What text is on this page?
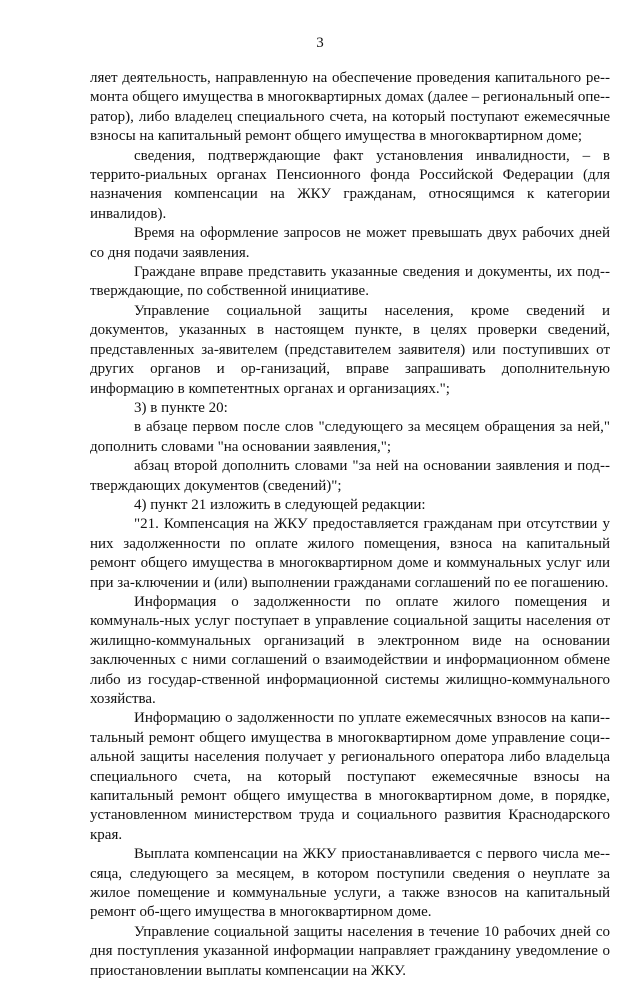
3

ляет деятельность, направленную на обеспечение проведения капитального ре-монта общего имущества в многоквартирных домах (далее – региональный опе-ратор), либо владелец специального счета, на который поступают ежемесячные взносы на капитальный ремонт общего имущества в многоквартирном доме;

сведения, подтверждающие факт установления инвалидности, – в террито-риальных органах Пенсионного фонда Российской Федерации (для назначения компенсации на ЖКУ гражданам, относящимся к категории инвалидов).

Время на оформление запросов не может превышать двух рабочих дней со дня подачи заявления.

Граждане вправе представить указанные сведения и документы, их под-тверждающие, по собственной инициативе.

Управление социальной защиты населения, кроме сведений и документов, указанных в настоящем пункте, в целях проверки сведений, представленных за-явителем (представителем заявителя) или поступивших от других органов и ор-ганизаций, вправе запрашивать дополнительную информацию в компетентных органах и организациях.";

3) в пункте 20:

в абзаце первом после слов "следующего за месяцем обращения за ней," дополнить словами "на основании заявления,";

абзац второй дополнить словами "за ней на основании заявления и под-тверждающих документов (сведений)";

4) пункт 21 изложить в следующей редакции:

"21. Компенсация на ЖКУ предоставляется гражданам при отсутствии у них задолженности по оплате жилого помещения, взноса на капитальный ремонт общего имущества в многоквартирном доме и коммунальных услуг или при за-ключении и (или) выполнении гражданами соглашений по ее погашению.

Информация о задолженности по оплате жилого помещения и коммуналь-ных услуг поступает в управление социальной защиты населения от жилищно-коммунальных организаций в электронном виде на основании заключенных с ними соглашений о взаимодействии и информационном обмене либо из государ-ственной информационной системы жилищно-коммунального хозяйства.

Информацию о задолженности по уплате ежемесячных взносов на капи-тальный ремонт общего имущества в многоквартирном доме управление соци-альной защиты населения получает у регионального оператора либо владельца специального счета, на который поступают ежемесячные взносы на капитальный ремонт общего имущества в многоквартирном доме, в порядке, установленном министерством труда и социального развития Краснодарского края.

Выплата компенсации на ЖКУ приостанавливается с первого числа ме-сяца, следующего за месяцем, в котором поступили сведения о неуплате за жилое помещение и коммунальные услуги, а также взносов на капитальный ремонт об-щего имущества в многоквартирном доме.

Управление социальной защиты населения в течение 10 рабочих дней со дня поступления указанной информации направляет гражданину уведомление о приостановлении выплаты компенсации на ЖКУ.
